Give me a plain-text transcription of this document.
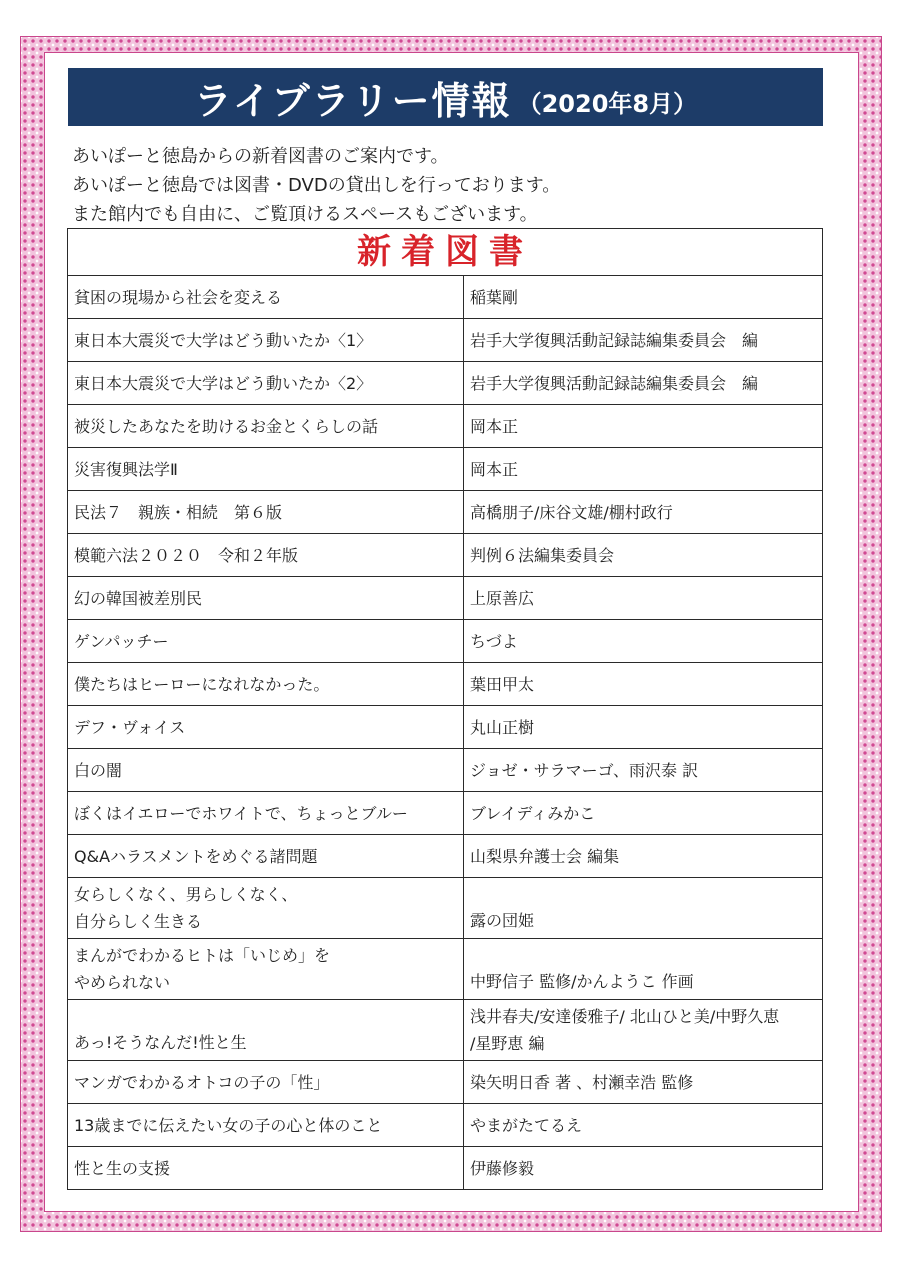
ライブラリー情報 （2020年8月）
あいぽーと徳島からの新着図書のご案内です。
あいぽーと徳島では図書・DVDの貸出しを行っております。
また館内でも自由に、ご覧頂けるスペースもございます。
新着図書	

貧困の現場から社会を変える	稲葉剛

東日本大震災で大学はどう動いたか〈1〉	岩手大学復興活動記録誌編集委員会　編

東日本大震災で大学はどう動いたか〈2〉	岩手大学復興活動記録誌編集委員会　編

被災したあなたを助けるお金とくらしの話	岡本正

災害復興法学Ⅱ	岡本正

民法７　親族・相続　第６版	高橋朋子/床谷文雄/棚村政行

模範六法２０２０　令和２年版	判例６法編集委員会

幻の韓国被差別民	上原善広

ゲンパッチー	ちづよ

僕たちはヒーローになれなかった。	葉田甲太

デフ・ヴォイス	丸山正樹

白の闇	ジョゼ・サラマーゴ、雨沢泰 訳

ぼくはイエローでホワイトで、ちょっとブルー	ブレイディみかこ

Q&Aハラスメントをめぐる諸問題	山梨県弁護士会 編集

女らしくなく、男らしくなく、
自分らしく生きる	露の団姫

まんがでわかるヒトは「いじめ」を
やめられない	中野信子 監修/かんようこ 作画

あっ!そうなんだ!性と生	浅井春夫/安達倭雅子/ 北山ひと美/中野久恵
/星野恵 編

マンガでわかるオトコの子の「性」	染矢明日香 著 、村瀬幸浩 監修

13歳までに伝えたい女の子の心と体のこと	やまがたてるえ

性と生の支援	伊藤修毅
